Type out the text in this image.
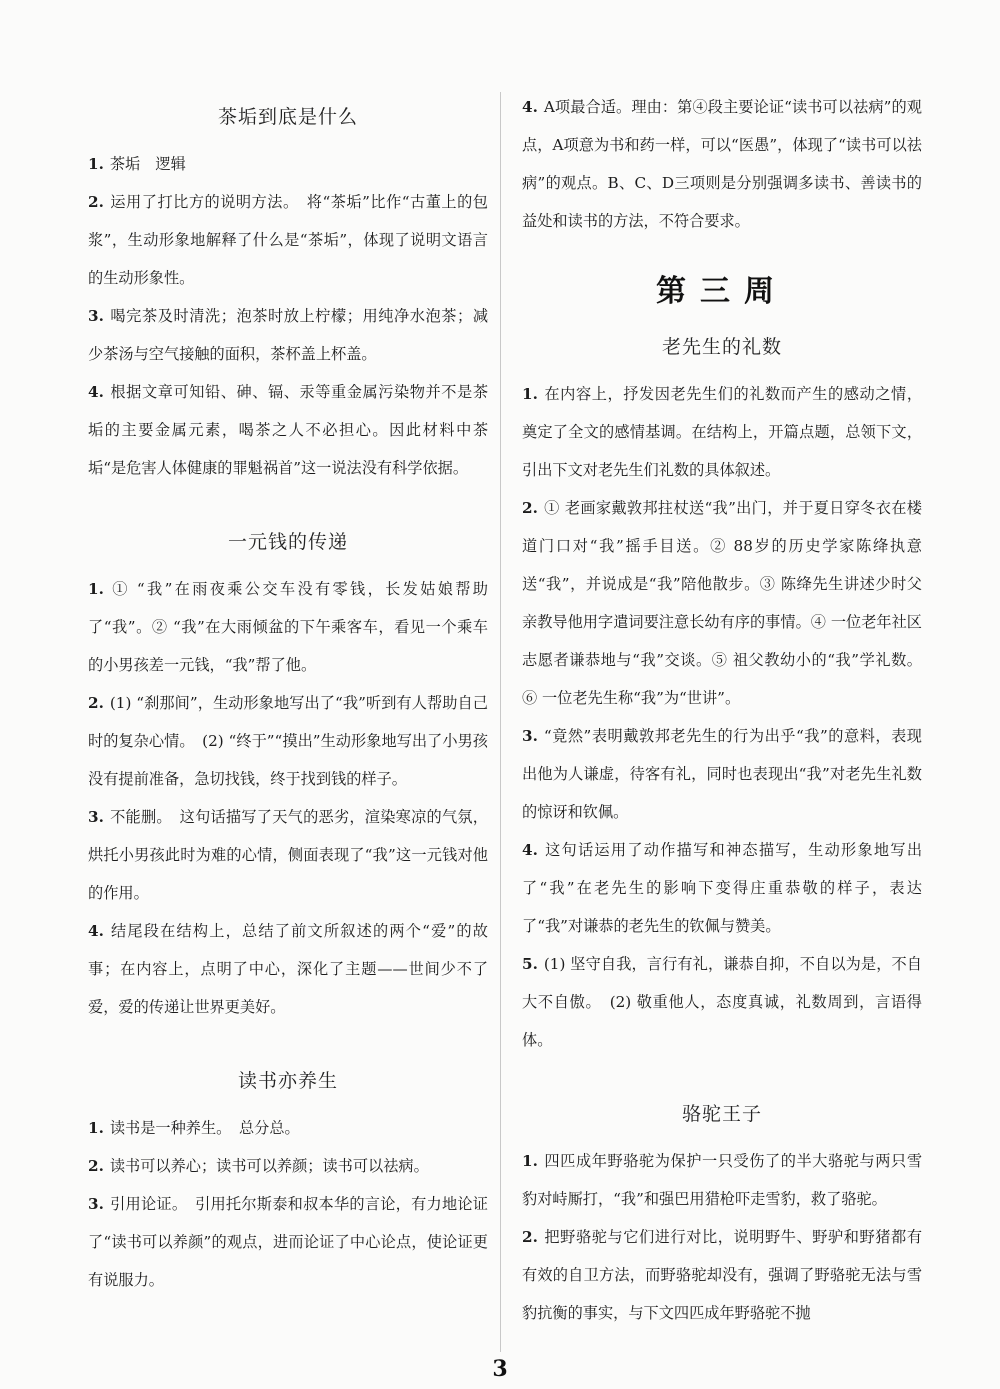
茶垢到底是什么

1. 茶垢　逻辑

2. 运用了打比方的说明方法。　将“茶垢”比作“古董上的包浆”，生动形象地解释了什么是“茶垢”，体现了说明文语言的生动形象性。

3. 喝完茶及时清洗；泡茶时放上柠檬；用纯净水泡茶；减少茶汤与空气接触的面积，茶杯盖上杯盖。

4. 根据文章可知铅、砷、镉、汞等重金属污染物并不是茶垢的主要金属元素，喝茶之人不必担心。因此材料中茶垢“是危害人体健康的罪魁祸首”这一说法没有科学依据。

一元钱的传递

1. ① “我”在雨夜乘公交车没有零钱，长发姑娘帮助了“我”。② “我”在大雨倾盆的下午乘客车，看见一个乘车的小男孩差一元钱，“我”帮了他。

2. (1) “刹那间”，生动形象地写出了“我”听到有人帮助自己时的复杂心情。　(2) “终于”“摸出”生动形象地写出了小男孩没有提前准备，急切找钱，终于找到钱的样子。

3. 不能删。　这句话描写了天气的恶劣，渲染寒凉的气氛，烘托小男孩此时为难的心情，侧面表现了“我”这一元钱对他的作用。

4. 结尾段在结构上，总结了前文所叙述的两个“爱”的故事；在内容上，点明了中心，深化了主题——世间少不了爱，爱的传递让世界更美好。

读书亦养生

1. 读书是一种养生。　总分总。

2. 读书可以养心；读书可以养颜；读书可以祛病。

3. 引用论证。　引用托尔斯泰和叔本华的言论，有力地论证了“读书可以养颜”的观点，进而论证了中心论点，使论证更有说服力。

4. A项最合适。理由：第④段主要论证“读书可以祛病”的观点，A项意为书和药一样，可以“医愚”，体现了“读书可以祛病”的观点。B、C、D三项则是分别强调多读书、善读书的益处和读书的方法，不符合要求。

第三周
老先生的礼数

1. 在内容上，抒发因老先生们的礼数而产生的感动之情，奠定了全文的感情基调。在结构上，开篇点题，总领下文，引出下文对老先生们礼数的具体叙述。

2. ① 老画家戴敦邦拄杖送“我”出门，并于夏日穿冬衣在楼道门口对“我”摇手目送。② 88岁的历史学家陈绛执意送“我”，并说成是“我”陪他散步。③ 陈绛先生讲述少时父亲教导他用字遣词要注意长幼有序的事情。④ 一位老年社区志愿者谦恭地与“我”交谈。⑤ 祖父教幼小的“我”学礼数。⑥ 一位老先生称“我”为“世讲”。

3. “竟然”表明戴敦邦老先生的行为出乎“我”的意料，表现出他为人谦虚，待客有礼，同时也表现出“我”对老先生礼数的惊讶和钦佩。

4. 这句话运用了动作描写和神态描写，生动形象地写出了“我”在老先生的影响下变得庄重恭敬的样子，表达了“我”对谦恭的老先生的钦佩与赞美。

5. (1) 坚守自我，言行有礼，谦恭自抑，不自以为是，不自大不自傲。　(2) 敬重他人，态度真诚，礼数周到，言语得体。

骆驼王子

1. 四匹成年野骆驼为保护一只受伤了的半大骆驼与两只雪豹对峙厮打，“我”和强巴用猎枪吓走雪豹，救了骆驼。

2. 把野骆驼与它们进行对比，说明野牛、野驴和野猪都有有效的自卫方法，而野骆驼却没有，强调了野骆驼无法与雪豹抗衡的事实，与下文四匹成年野骆驼不抛

3
